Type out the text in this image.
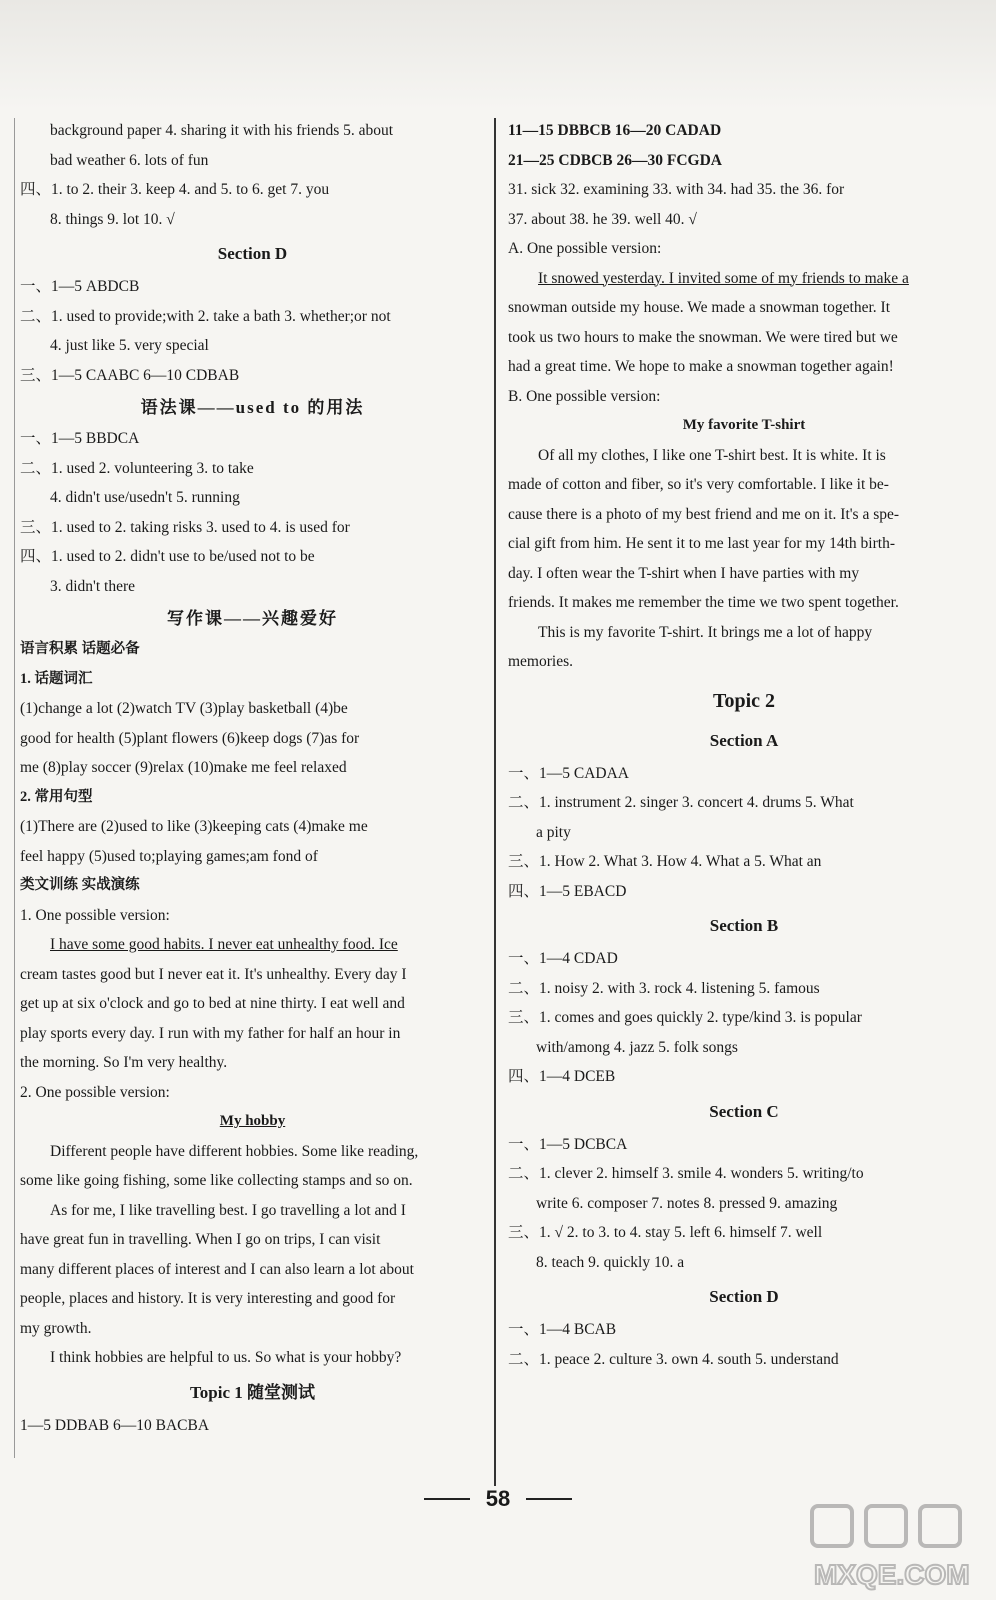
background paper 4. sharing it with his friends 5. about
bad weather 6. lots of fun
四、1. to 2. their 3. keep 4. and 5. to 6. get 7. you
8. things 9. lot 10. √
Section D
一、1—5 ABDCB
二、1. used to provide;with 2. take a bath 3. whether;or not
4. just like 5. very special
三、1—5 CAABC 6—10 CDBAB
语法课——used to 的用法
一、1—5 BBDCA
二、1. used 2. volunteering 3. to take
4. didn't use/usedn't 5. running
三、1. used to 2. taking risks 3. used to 4. is used for
四、1. used to 2. didn't use to be/used not to be
3. didn't there
写作课——兴趣爱好
语言积累 话题必备
1. 话题词汇
(1)change a lot (2)watch TV (3)play basketball (4)be
good for health (5)plant flowers (6)keep dogs (7)as for
me (8)play soccer (9)relax (10)make me feel relaxed
2. 常用句型
(1)There are (2)used to like (3)keeping cats (4)make me
feel happy (5)used to;playing games;am fond of
类文训练 实战演练
1. One possible version:
I have some good habits. I never eat unhealthy food. Ice
cream tastes good but I never eat it. It's unhealthy. Every day I
get up at six o'clock and go to bed at nine thirty. I eat well and
play sports every day. I run with my father for half an hour in
the morning. So I'm very healthy.
2. One possible version:
My hobby
Different people have different hobbies. Some like reading,
some like going fishing, some like collecting stamps and so on.
As for me, I like travelling best. I go travelling a lot and I
have great fun in travelling. When I go on trips, I can visit
many different places of interest and I can also learn a lot about
people, places and history. It is very interesting and good for
my growth.
I think hobbies are helpful to us. So what is your hobby?
Topic 1 随堂测试
1—5 DDBAB 6—10 BACBA
11—15 DBBCB 16—20 CADAD
21—25 CDBCB 26—30 FCGDA
31. sick 32. examining 33. with 34. had 35. the 36. for
37. about 38. he 39. well 40. √
A. One possible version:
It snowed yesterday. I invited some of my friends to make a
snowman outside my house. We made a snowman together. It
took us two hours to make the snowman. We were tired but we
had a great time. We hope to make a snowman together again!
B. One possible version:
My favorite T-shirt
Of all my clothes, I like one T-shirt best. It is white. It is
made of cotton and fiber, so it's very comfortable. I like it be-
cause there is a photo of my best friend and me on it. It's a spe-
cial gift from him. He sent it to me last year for my 14th birth-
day. I often wear the T-shirt when I have parties with my
friends. It makes me remember the time we two spent together.
This is my favorite T-shirt. It brings me a lot of happy
memories.
Topic 2
Section A
一、1—5 CADAA
二、1. instrument 2. singer 3. concert 4. drums 5. What
a pity
三、1. How 2. What 3. How 4. What a 5. What an
四、1—5 EBACD
Section B
一、1—4 CDAD
二、1. noisy 2. with 3. rock 4. listening 5. famous
三、1. comes and goes quickly 2. type/kind 3. is popular
with/among 4. jazz 5. folk songs
四、1—4 DCEB
Section C
一、1—5 DCBCA
二、1. clever 2. himself 3. smile 4. wonders 5. writing/to
write 6. composer 7. notes 8. pressed 9. amazing
三、1. √ 2. to 3. to 4. stay 5. left 6. himself 7. well
8. teach 9. quickly 10. a
Section D
一、1—4 BCAB
二、1. peace 2. culture 3. own 4. south 5. understand
58
MXQE.COM
